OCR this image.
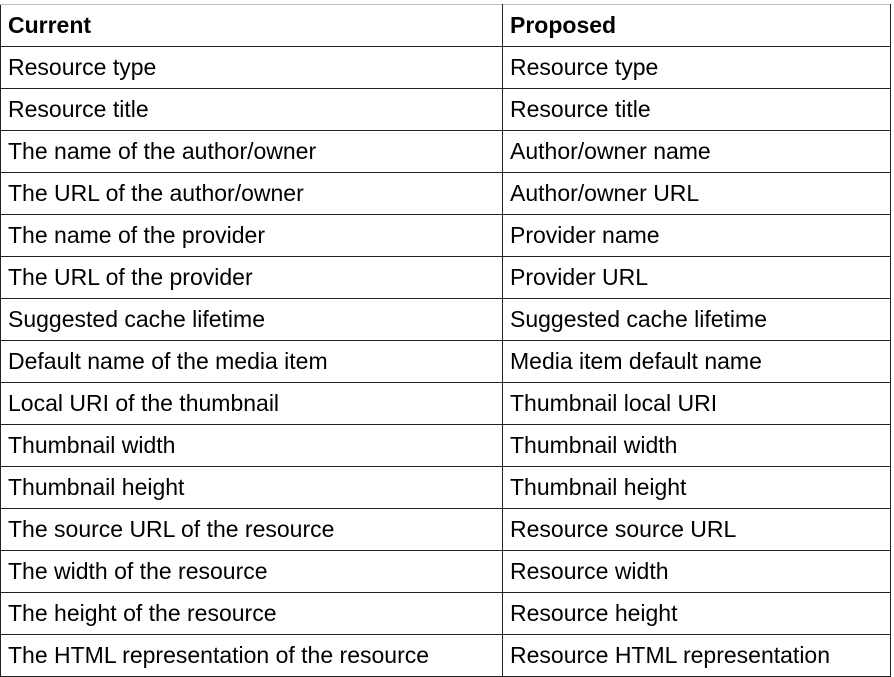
Current	Proposed
Resource type	Resource type
Resource title	Resource title
The name of the author/owner	Author/owner name
The URL of the author/owner	Author/owner URL
The name of the provider	Provider name
The URL of the provider	Provider URL
Suggested cache lifetime	Suggested cache lifetime
Default name of the media item	Media item default name
Local URI of the thumbnail	Thumbnail local URI
Thumbnail width	Thumbnail width
Thumbnail height	Thumbnail height
The source URL of the resource	Resource source URL
The width of the resource	Resource width
The height of the resource	Resource height
The HTML representation of the resource	Resource HTML representation
